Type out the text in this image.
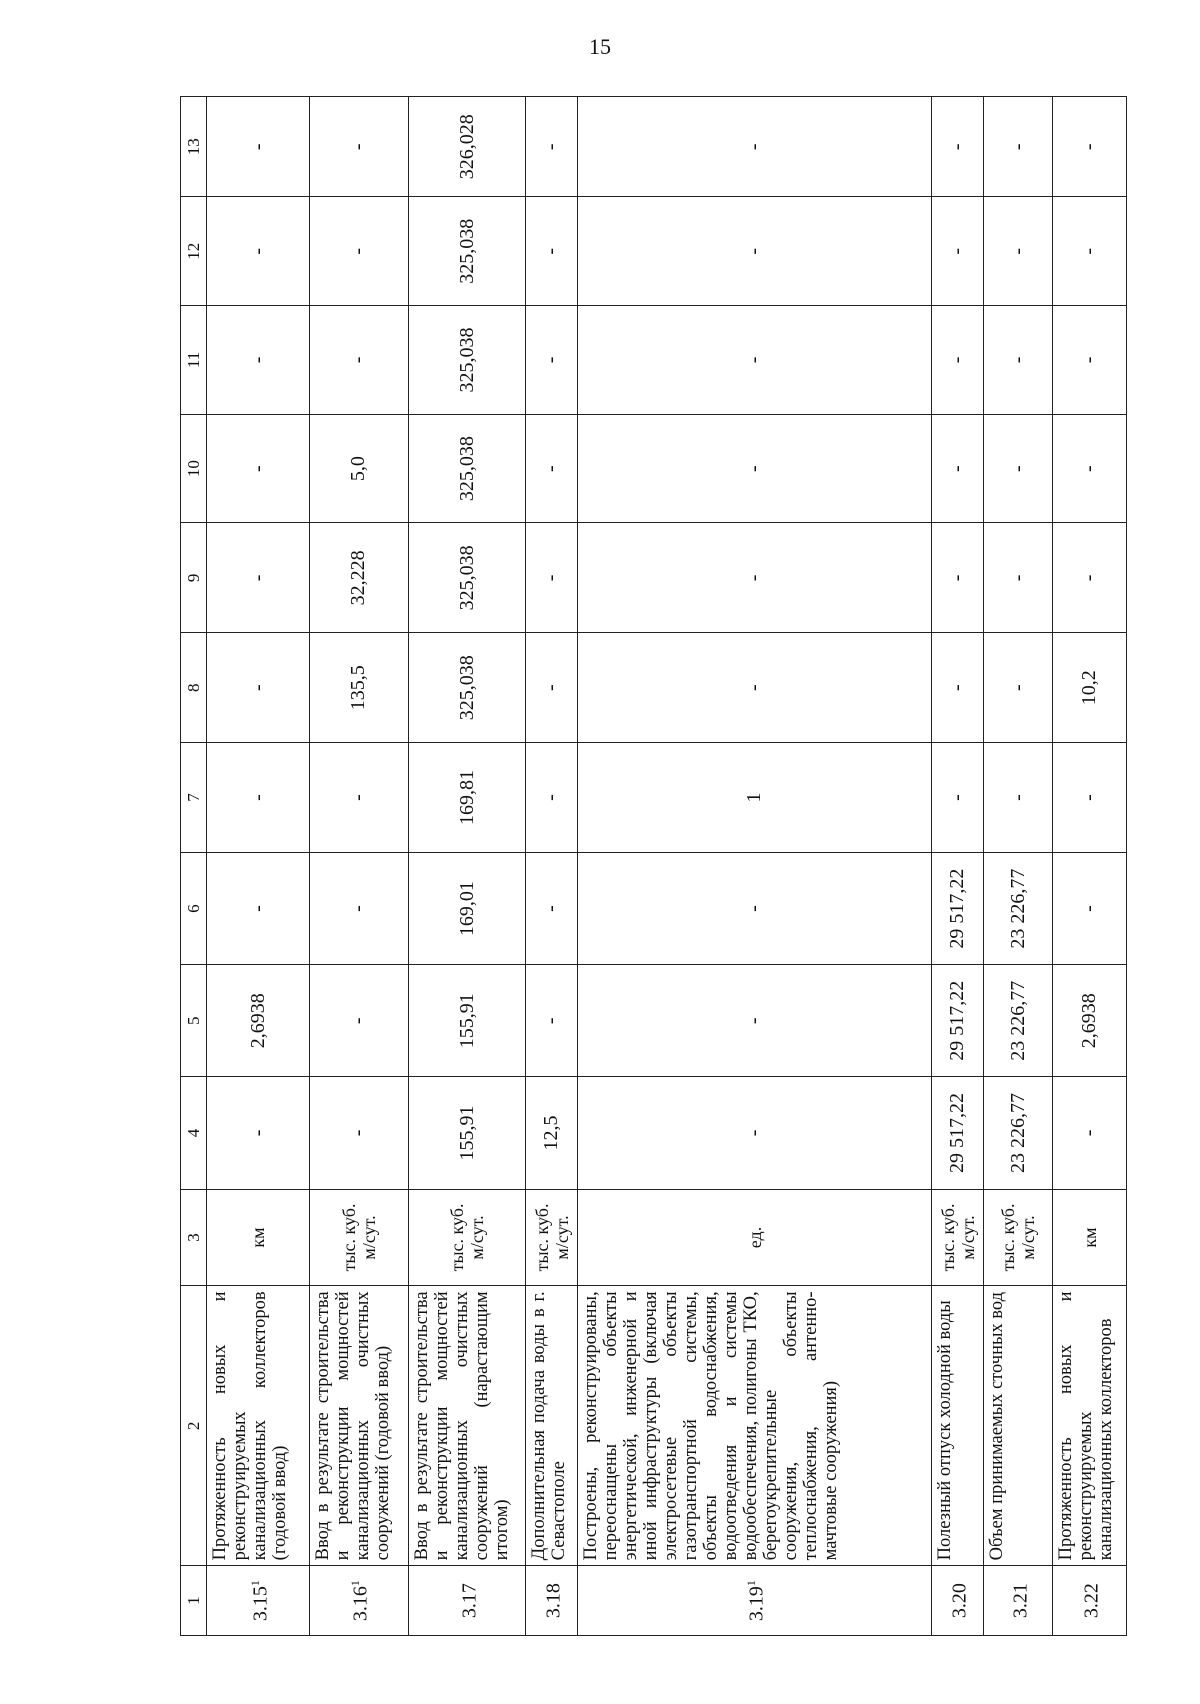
15
1	2	3	4	5	6	7	8	9	10	11	12	13
3.15$^1$	Протяженность новых и реконструируемых канализационных коллекторов (годовой ввод)	км	-	2,6938	-	-	-	-	-	-	-	-
3.16$^1$	Ввод в результате строительства и реконструкции мощностей канализационных очистных сооружений (годовой ввод)	тыс. куб. м/сут.	-	-	-	-	135,5	32,228	5,0	-	-	-
3.17	Ввод в результате строительства и реконструкции мощностей канализационных очистных сооружений (нарастающим итогом)	тыс. куб. м/сут.	155,91	155,91	169,01	169,81	325,038	325,038	325,038	325,038	325,038	326,028
3.18	Дополнительная подача воды в г. Севастополе	тыс. куб. м/сут.	12,5	-	-	-	-	-	-	-	-	-
3.19$^1$	Построены, реконструированы, переоснащены объекты энергетической, инженерной и иной инфраструктуры (включая электросетевые объекты газотранспортной системы, объекты водоснабжения, водоотведения и системы водообеспечения, полигоны ТКО, берегоукрепительные сооружения, объекты теплоснабжения, антенно-мачтовые сооружения)	ед.	-	-	-	1	-	-	-	-	-	-
3.20	Полезный отпуск холодной воды	тыс. куб. м/сут.	29 517,22	29 517,22	29 517,22	-	-	-	-	-	-	-
3.21	Объем принимаемых сточных вод	тыс. куб. м/сут.	23 226,77	23 226,77	23 226,77	-	-	-	-	-	-	-
3.22	Протяженность новых и реконструируемых канализационных коллекторов	км	-	2,6938	-	-	10,2	-	-	-	-	-
